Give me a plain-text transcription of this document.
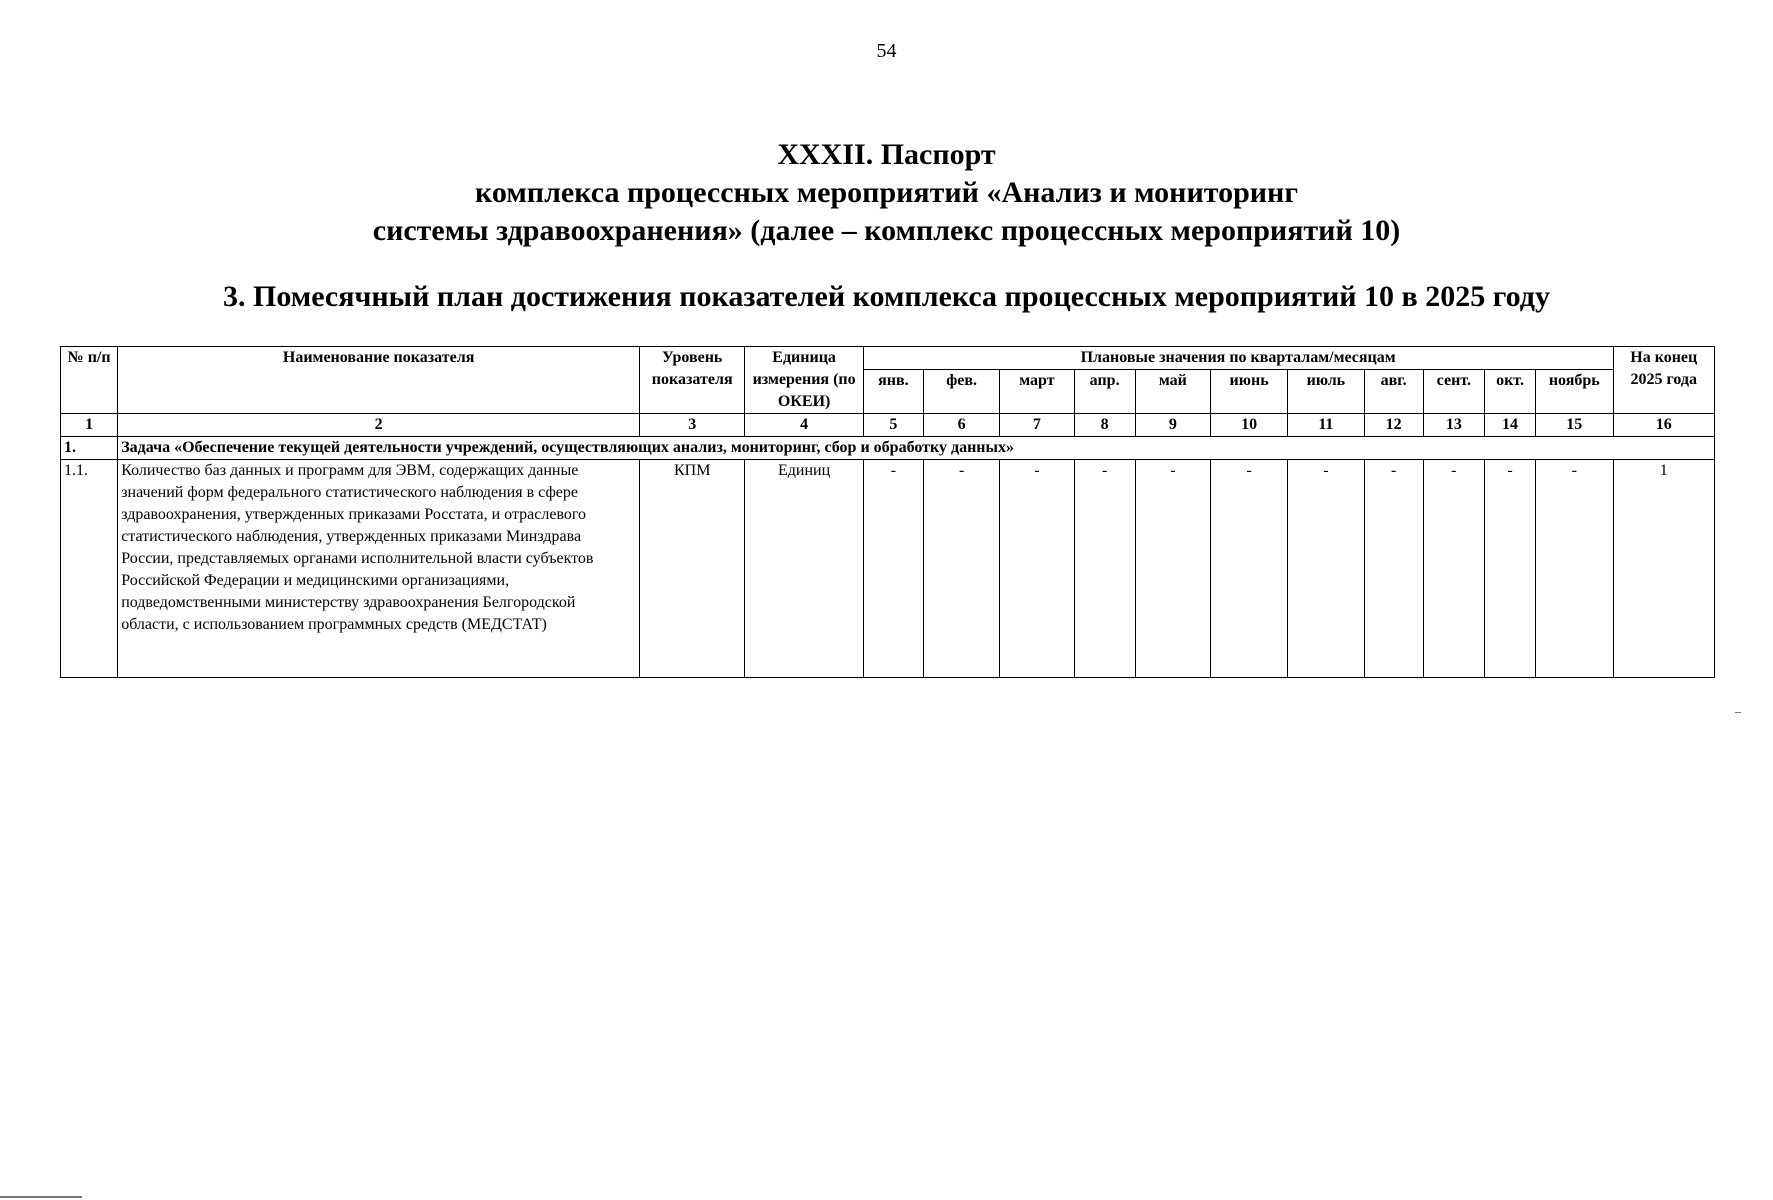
54
XXXII. Паспорт
комплекса процессных мероприятий «Анализ и мониторинг
системы здравоохранения» (далее – комплекс процессных мероприятий 10)
3. Помесячный план достижения показателей комплекса процессных мероприятий 10 в 2025 году
№ п/п	Наименование показателя	Уровень показателя	Единица измерения (по ОКЕИ)	Плановые значения по кварталам/месяцам											На конец 2025 года
				янв.	фев.	март	апр.	май	июнь	июль	авг.	сент.	окт.	ноябрь	
1	2	3	4	5	6	7	8	9	10	11	12	13	14	15	16
1.	Задача «Обеспечение текущей деятельности учреждений, осуществляющих анализ, мониторинг, сбор и обработку данных»														
1.1.	Количество баз данных и программ для ЭВМ, содержащих данные значений форм федерального статистического наблюдения в сфере здравоохранения, утвержденных приказами Росстата, и отраслевого статистического наблюдения, утвержденных приказами Минздрава России, представляемых органами исполнительной власти субъектов Российской Федерации и медицинскими организациями, подведомственными министерству здравоохранения Белгородской области, с использованием программных средств (МЕДСТАТ)	КПМ	Единиц	-	-	-	-	-	-	-	-	-	-	-	1
